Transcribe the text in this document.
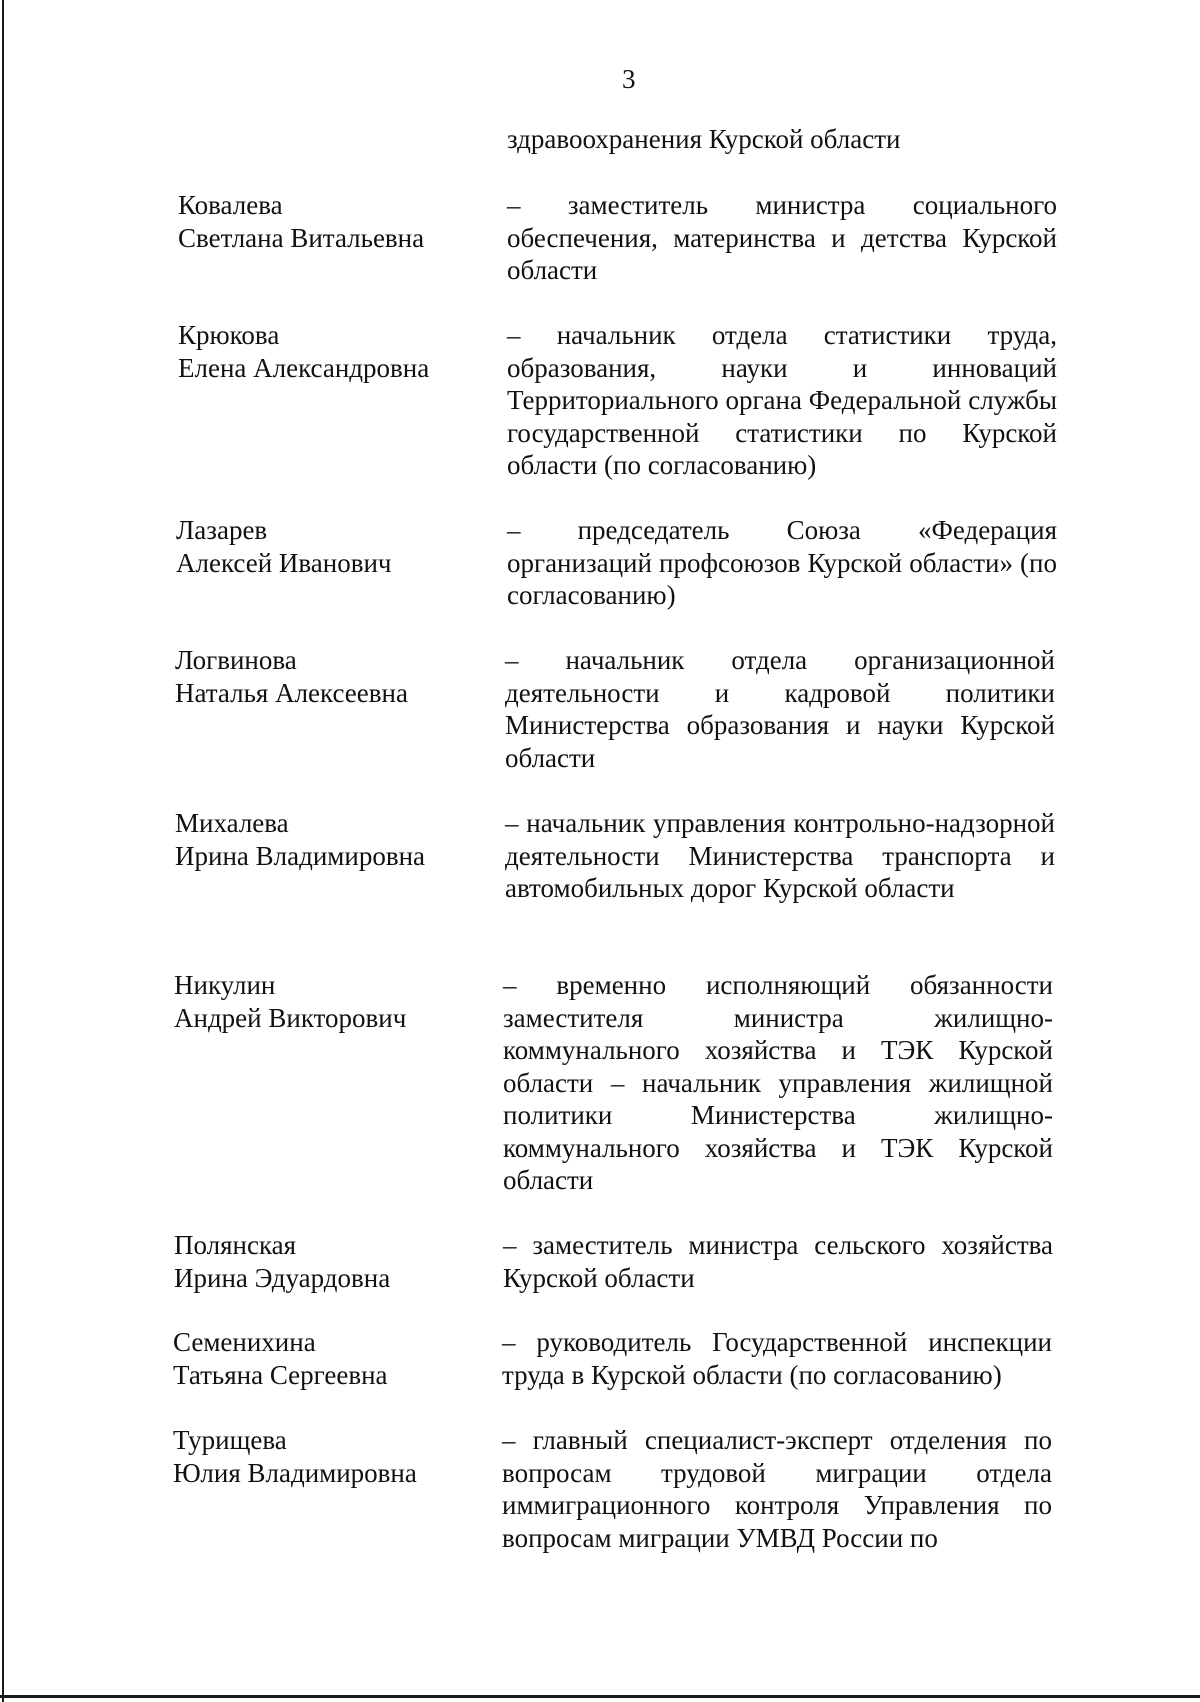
3
здравоохранения Курской области
Ковалева
Светлана Витальевна
– заместитель министра социального обеспечения, материнства и детства Курской области
Крюкова
Елена Александровна
– начальник отдела статистики труда, образования, науки и инноваций Территориального органа Федеральной службы государственной статистики по Курской области (по согласованию)
Лазарев
Алексей Иванович
– председатель Союза «Федерация организаций профсоюзов Курской области» (по согласованию)
Логвинова
Наталья Алексеевна
– начальник отдела организационной деятельности и кадровой политики Министерства образования и науки Курской области
Михалева
Ирина Владимировна
– начальник управления контрольно-надзорной деятельности Министерства транспорта и автомобильных дорог Курской области
Никулин
Андрей Викторович
– временно исполняющий обязанности заместителя министра жилищно-коммунального хозяйства и ТЭК Курской области – начальник управления жилищной политики Министерства жилищно-коммунального хозяйства и ТЭК Курской области
Полянская
Ирина Эдуардовна
– заместитель министра сельского хозяйства Курской области
Семенихина
Татьяна Сергеевна
– руководитель Государственной инспекции труда в Курской области (по согласованию)
Турищева
Юлия Владимировна
– главный специалист-эксперт отделения по вопросам трудовой миграции отдела иммиграционного контроля Управления по вопросам миграции УМВД России по
